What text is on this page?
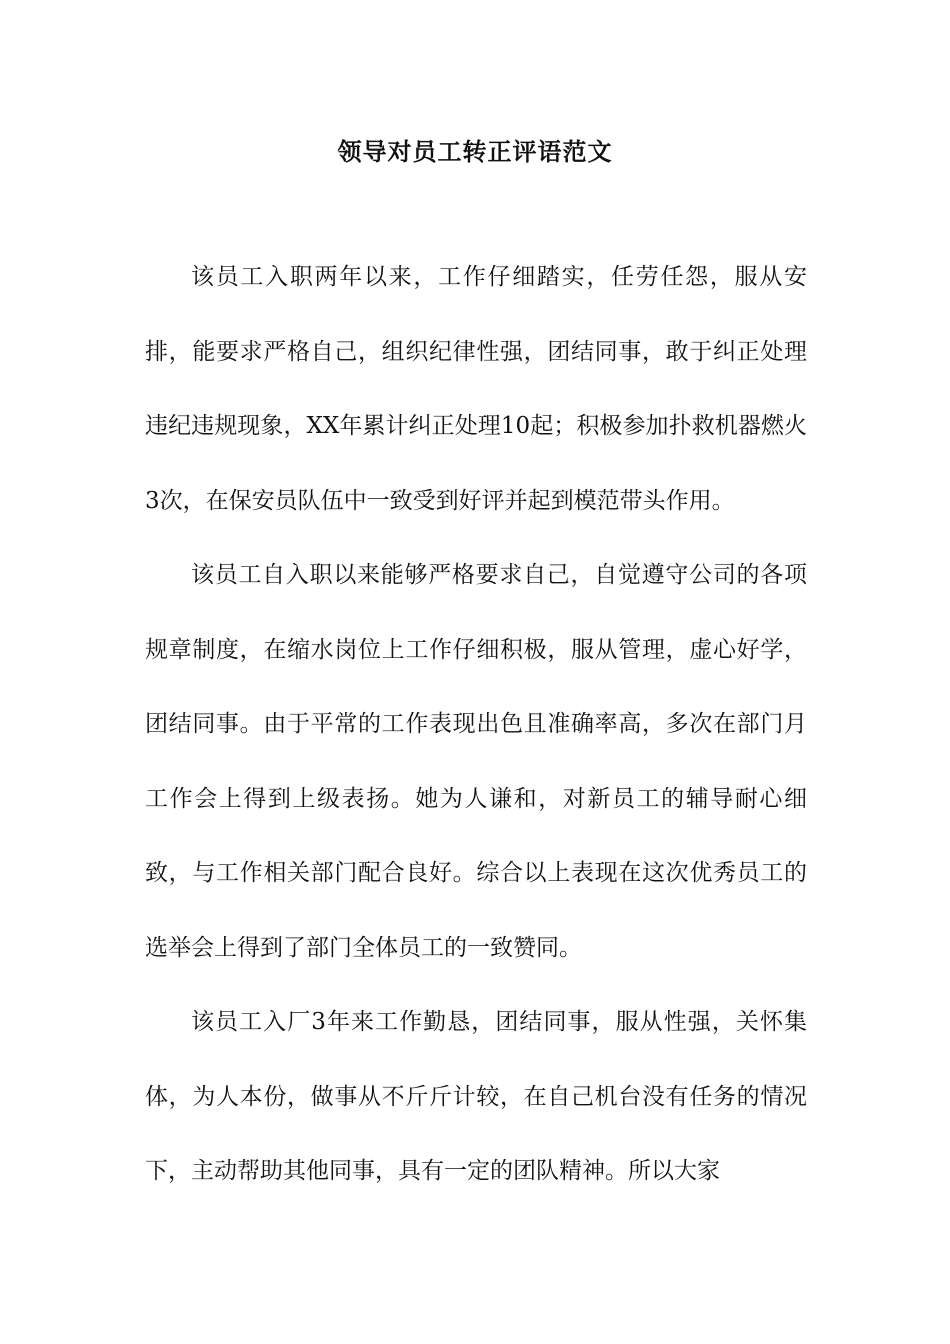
领导对员工转正评语范文

该员工入职两年以来，工作仔细踏实，任劳任怨，服从安排，能要求严格自己，组织纪律性强，团结同事，敢于纠正处理违纪违规现象，XX年累计纠正处理10起；积极参加扑救机器燃火3次，在保安员队伍中一致受到好评并起到模范带头作用。

该员工自入职以来能够严格要求自己，自觉遵守公司的各项规章制度，在缩水岗位上工作仔细积极，服从管理，虚心好学，团结同事。由于平常的工作表现出色且准确率高，多次在部门月工作会上得到上级表扬。她为人谦和，对新员工的辅导耐心细致，与工作相关部门配合良好。综合以上表现在这次优秀员工的选举会上得到了部门全体员工的一致赞同。

该员工入厂3年来工作勤恳，团结同事，服从性强，关怀集体，为人本份，做事从不斤斤计较，在自己机台没有任务的情况下，主动帮助其他同事，具有一定的团队精神。所以大家
